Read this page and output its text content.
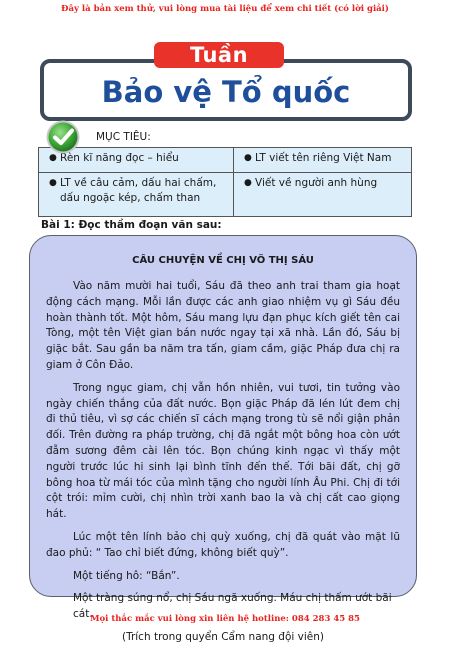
Đây là bản xem thử, vui lòng mua tài liệu để xem chi tiết (có lời giải)
Tuần
Bảo vệ Tổ quốc
MỤC TIÊU:
● Rèn kĩ năng đọc – hiểu	● LT viết tên riêng Việt Nam

● LT về câu cảm, dấu hai chấm, dấu ngoặc kép, chấm than	● Viết về người anh hùng
Bài 1: Đọc thầm đoạn văn sau:
CÂU CHUYỆN VỀ CHỊ VÕ THỊ SÁU

Vào năm mười hai tuổi, Sáu đã theo anh trai tham gia hoạt động cách mạng. Mỗi lần được các anh giao nhiệm vụ gì Sáu đều hoàn thành tốt. Một hôm, Sáu mang lựu đạn phục kích giết tên cai Tòng, một tên Việt gian bán nước ngay tại xã nhà. Lần đó, Sáu bị giặc bắt. Sau gần ba năm tra tấn, giam cầm, giặc Pháp đưa chị ra giam ở Côn Đảo.

Trong ngục giam, chị vẫn hồn nhiên, vui tươi, tin tưởng vào ngày chiến thắng của đất nước. Bọn giặc Pháp đã lén lút đem chị đi thủ tiêu, vì sợ các chiến sĩ cách mạng trong tù sẽ nổi giận phản đối. Trên đường ra pháp trường, chị đã ngắt một bông hoa còn ướt đẫm sương đêm cài lên tóc. Bọn chúng kinh ngạc vì thấy một người trước lúc hi sinh lại bình tĩnh đến thế. Tới bãi đất, chị gỡ bông hoa từ mái tóc của mình tặng cho người lính Âu Phi. Chị đi tới cột trói: mỉm cười, chị nhìn trời xanh bao la và chị cất cao giọng hát.

Lúc một tên lính bảo chị quỳ xuống, chị đã quát vào mặt lũ đao phủ: “ Tao chỉ biết đứng, không biết quỳ”.

Một tiếng hô: “Bắn”.

Một tràng súng nổ, chị Sáu ngã xuống. Máu chị thấm ướt bãi cát.

(Trích trong quyển Cẩm nang đội viên)

Mọi thắc mắc vui lòng xin liên hệ hotline: 084 283 45 85
